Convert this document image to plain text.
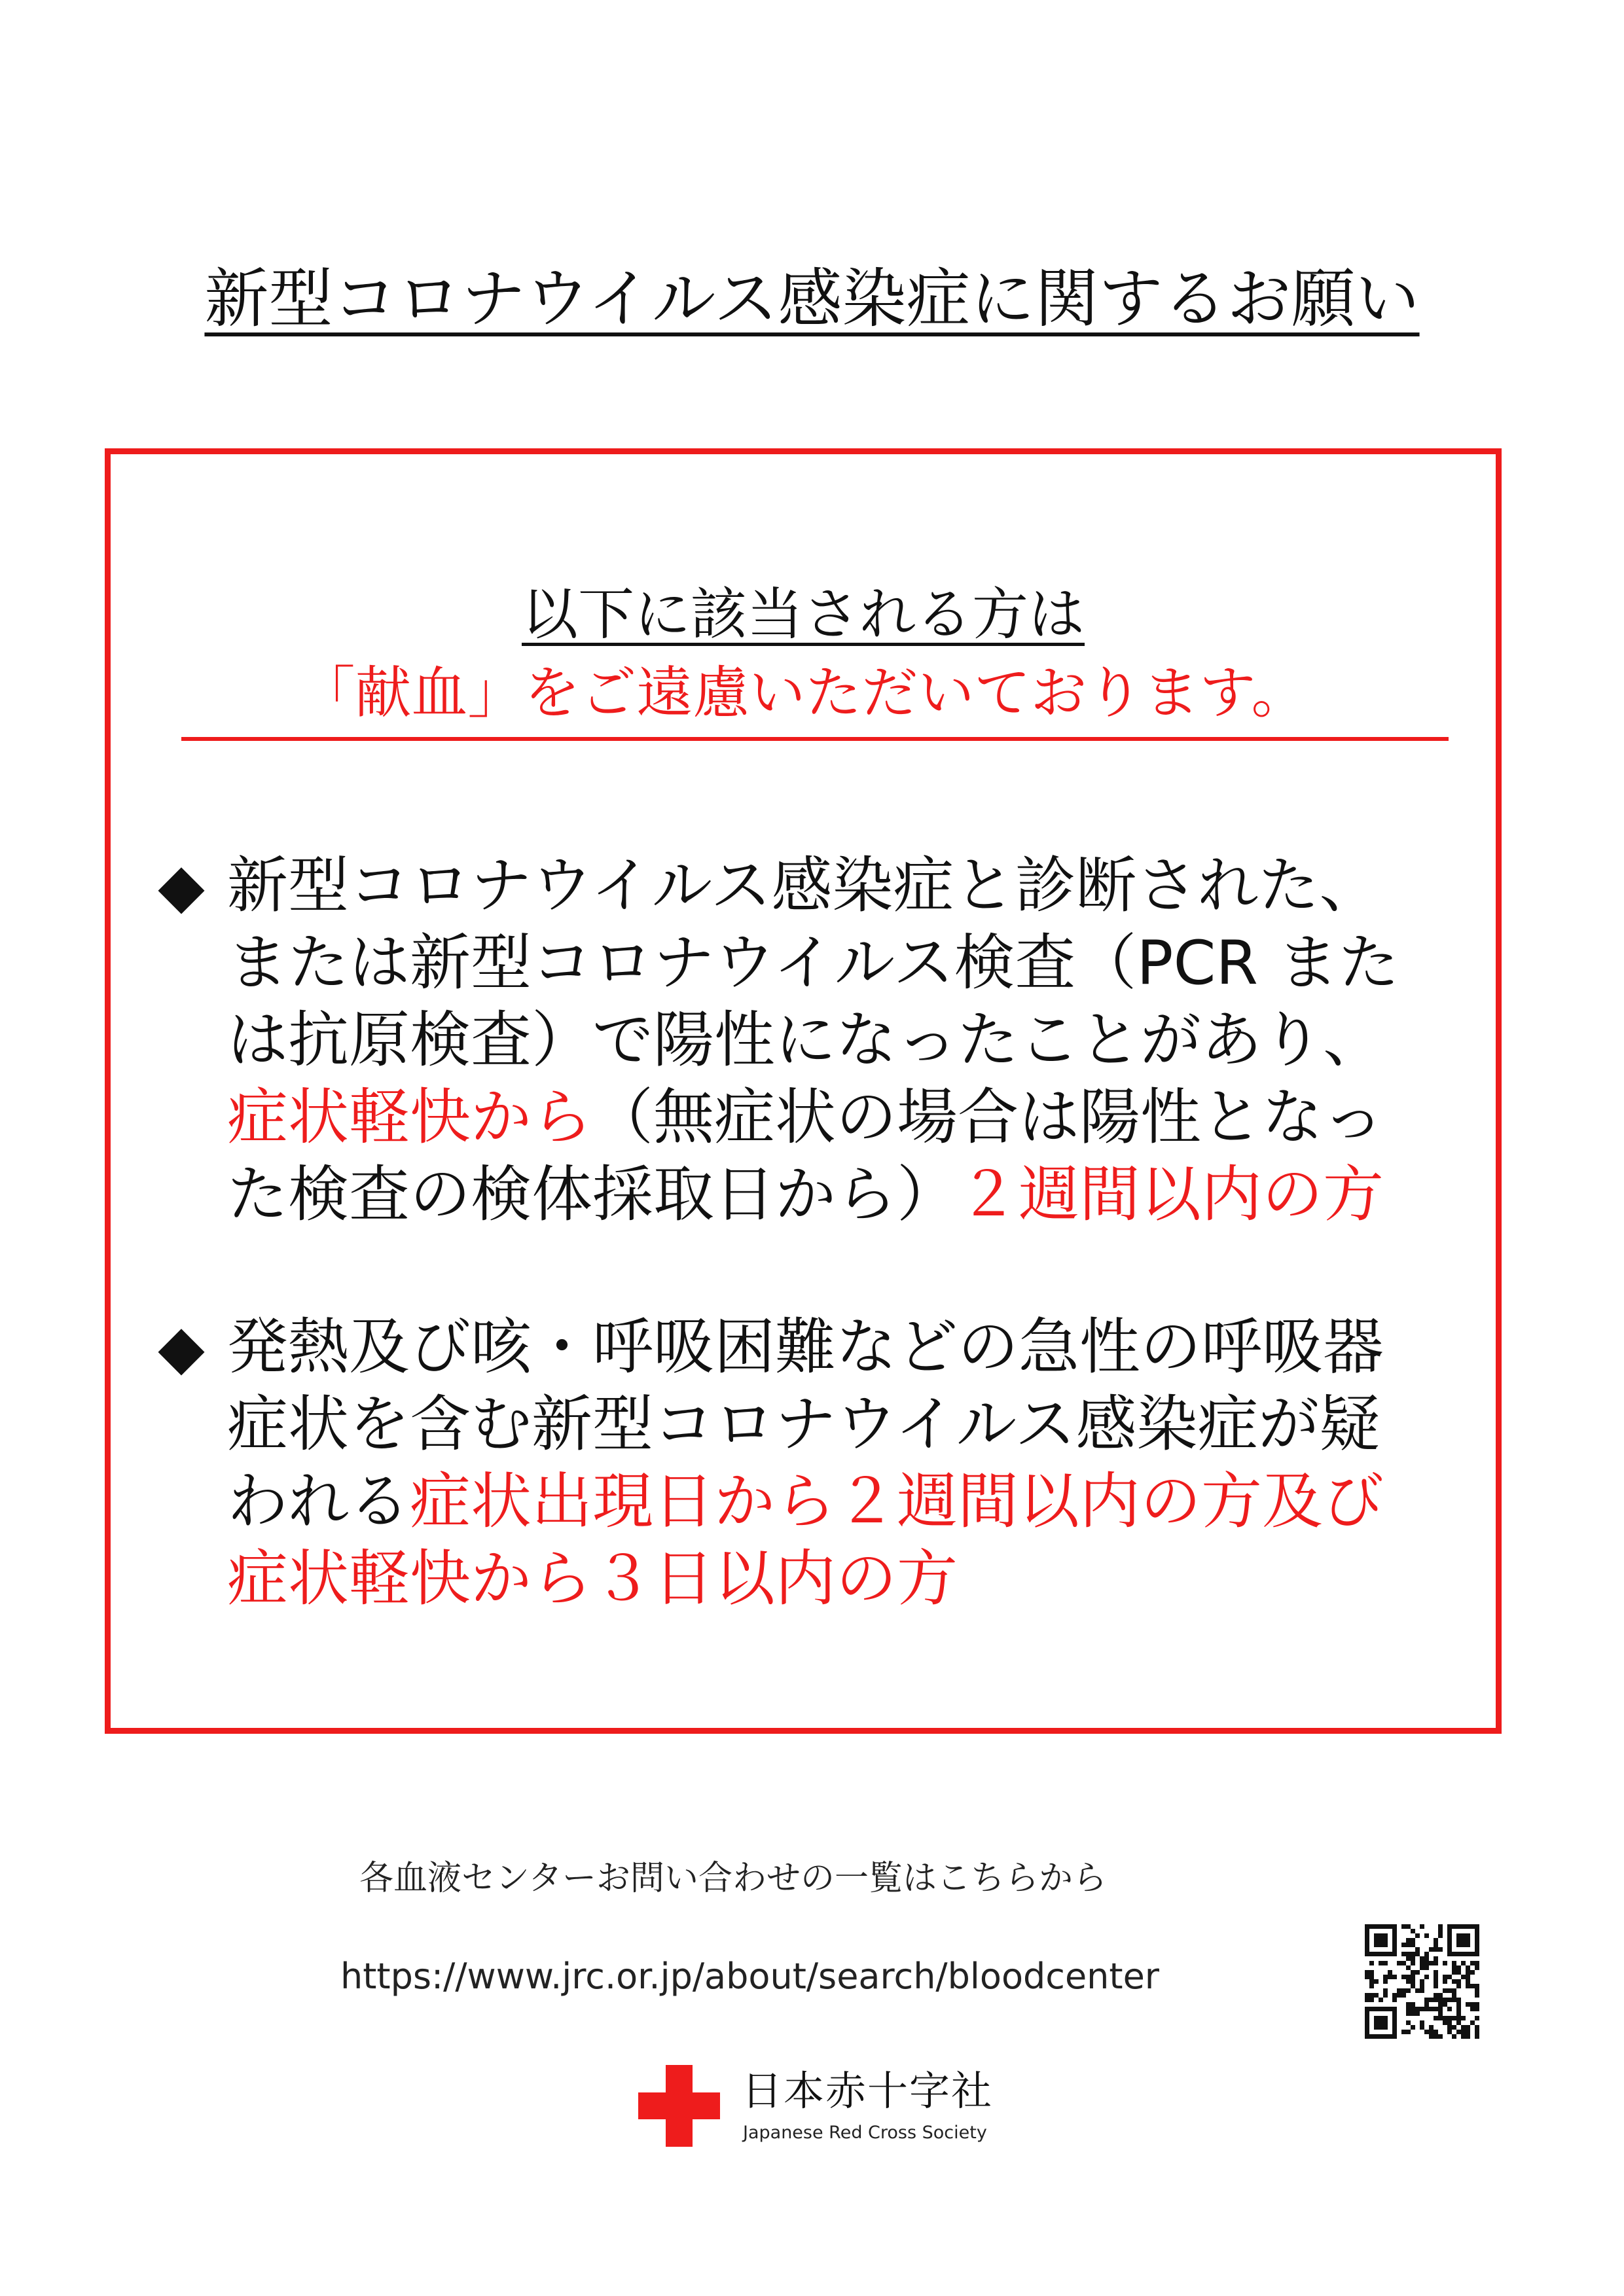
新型コロナウイルス感染症に関するお願い
以下に該当される方は
「献血」をご遠慮いただいております。
◆ 新型コロナウイルス感染症と診断された、
または新型コロナウイルス検査（PCR また
は抗原検査）で陽性になったことがあり、
症状軽快から（無症状の場合は陽性となっ
た検査の検体採取日から）２週間以内の方
◆ 発熱及び咳・呼吸困難などの急性の呼吸器
症状を含む新型コロナウイルス感染症が疑
われる症状出現日から２週間以内の方及び
症状軽快から３日以内の方
各血液センターお問い合わせの一覧はこちらから
https://www.jrc.or.jp/about/search/bloodcenter
日本赤十字社
Japanese Red Cross Society
